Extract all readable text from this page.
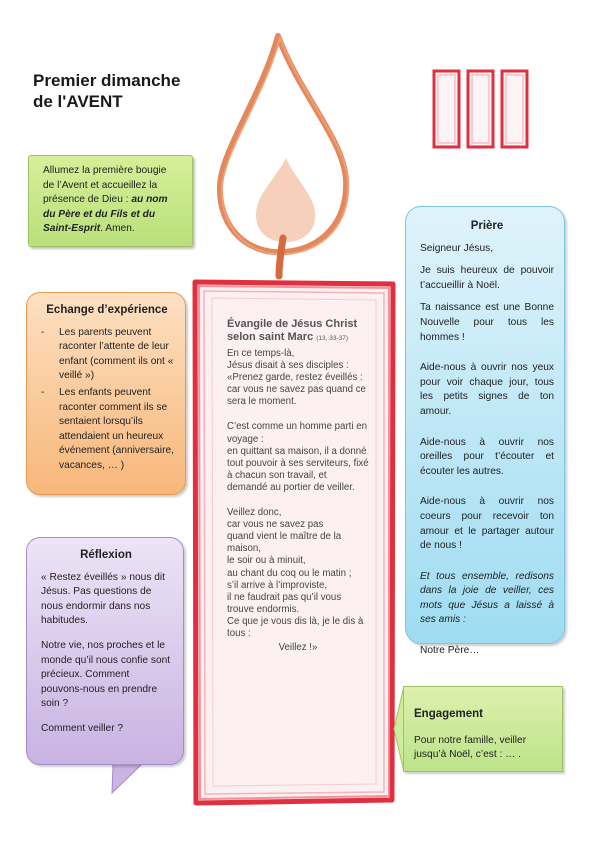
Premier dimanche
de l'AVENT
Allumez la première bougie de l’Avent et accueillez la présence de Dieu : au nom du Père et du Fils et du Saint-Esprit. Amen.
Echange d’expérience
- Les parents peuvent raconter l’attente de leur enfant (comment ils ont « veillé »)
- Les enfants peuvent raconter comment ils se sentaient lorsqu’ils attendaient un heureux événement (anniversaire, vacances, … )
Réflexion

« Restez éveillés » nous dit Jésus. Pas questions de nous endormir dans nos habitudes.

Notre vie, nos proches et le monde qu’il nous confie sont précieux. Comment pouvons-nous en prendre soin ?

Comment veiller ?

Évangile de Jésus Christ selon saint Marc (13, 33-37)

En ce temps-là,
Jésus disait à ses disciples :
«Prenez garde, restez éveillés : car vous ne savez pas quand ce sera le moment.

C’est comme un homme parti en voyage :
en quittant sa maison, il a donné tout pouvoir à ses serviteurs, fixé à chacun son travail, et demandé au portier de veiller.

Veillez donc,
car vous ne savez pas
quand vient le maître de la maison,
le soir ou à minuit,
au chant du coq ou le matin ;
s’il arrive à l’improviste,
il ne faudrait pas qu’il vous trouve endormis.
Ce que je vous dis là, je le dis à tous :

Veillez !»

Prière

Seigneur Jésus,

Je suis heureux de pouvoir t’accueillir à Noël.

Ta naissance est une Bonne Nouvelle pour tous les hommes !

Aide-nous à ouvrir nos yeux pour voir chaque jour, tous les petits signes de ton amour.

Aide-nous à ouvrir nos oreilles pour t’écouter et écouter les autres.

Aide-nous à ouvrir nos coeurs pour recevoir ton amour et le partager autour de nous !

Et tous ensemble, redisons dans la joie de veiller, ces mots que Jésus a laissé à ses amis :

Notre Père…

Engagement
Pour notre famille, veiller jusqu’à Noël, c’est : … .
